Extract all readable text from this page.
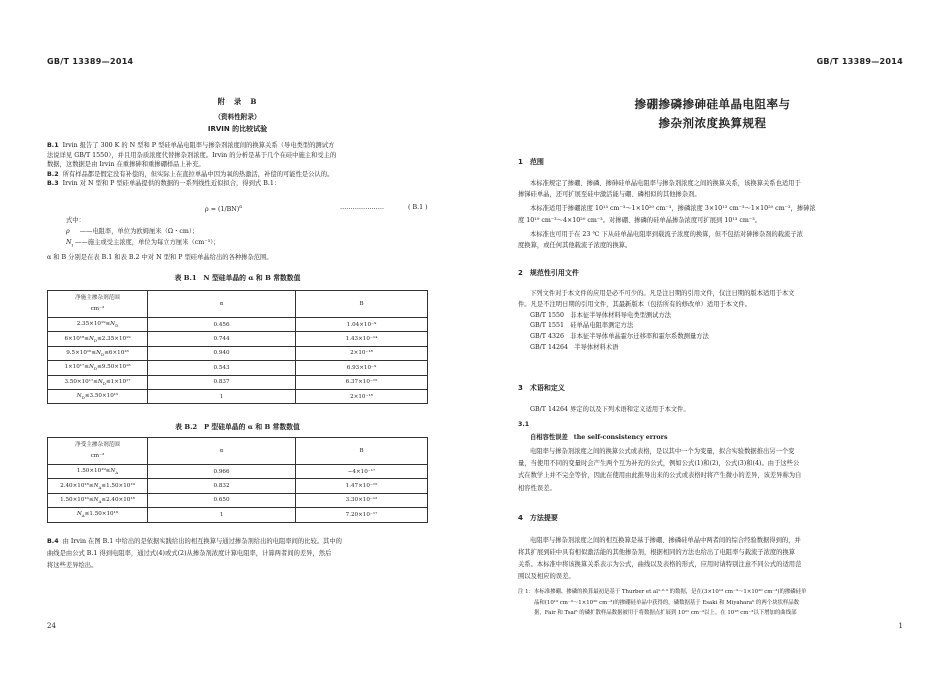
GB/T 13389—2014
附　录　B
（资料性附录）
IRVIN 的比较试验
B.1 Irvin 报告了 300 K 的 N 型和 P 型硅单晶电阻率与掺杂剂浓度间的换算关系（导电类型的测试方
法说详见 GB/T 1550），并且用杂质浓度代替掺杂剂浓度。Irvin 的分析是基于几个在硅中施主和受主的
数据，这数据是由 Irvin 在重掺砷和重掺硼样品上补充。
B.2 所有样品都是假定没有补偿的，但实际上在直拉单晶中因为氧的热激活，补偿的可能性是公认的。
B.3 Irvin 对 N 型和 P 型硅单晶提供的数据的一系列线性近似拟合，得到式 B.1：
$\rho = (1/BN)^\alpha$	…………………	( B.1 )
式中：
ρ ——电阻率，单位为欧姆厘米（Ω・cm）；
$N_I$ ——施主或受主浓度，单位为每立方厘米（cm⁻³）；
α 和 B 分别是在表 B.1 和表 B.2 中对 N 型和 P 型硅单晶给出的各种掺杂范围。
表 B.1　N 型硅单晶的 α 和 B 常数数值
净施主掺杂剂范围
cm⁻³	α	B
$2.35\times 10^{19}\le N_D$	0.456	1.04×10⁻⁹
$6\times 10^{18}\le N_D\le 2.35\times 10^{19}$	0.744	1.43×10⁻¹⁴
$9.5\times 10^{16}\le N_D\le 6\times 10^{18}$	0.940	2×10⁻¹⁸
$1\times 10^{17}\le N_D\le 9.50\times 10^{18}$	0.543	6.93×10⁻⁹
$3.50\times 10^{17}\le N_D\le 1\times 10^{17}$	0.837	6.37×10⁻¹⁵
$N_D\le 3.50\times 10^{15}$	1	2×10⁻¹⁸
表 B.2　P 型硅单晶的 α 和 B 常数数值
净受主掺杂剂范围
cm⁻³	α	B
$1.50\times 10^{19}\le N_A$	0.966	−4×10⁻¹⁷
$2.40\times 10^{18}\le N_A\le 1.50\times 10^{19}$	0.832	1.47×10⁻¹⁵
$1.50\times 10^{16}\le N_A\le 2.40\times 10^{18}$	0.650	3.30×10⁻¹²
$N_A\le 1.50\times 10^{16}$	1	7.20×10⁻¹⁷
B.4 由 Irvin 在图 B.1 中给出的是依据实践给出的相互换算与通过掺杂剂给出的电阻率间的比较。其中的
曲线是由公式 B.1 得到电阻率，通过式(4)或式(2)从掺杂剂浓度计算电阻率，计算两者间的差异，然后
将这些差异绘出。
24
GB/T 13389—2014
掺硼掺磷掺砷硅单晶电阻率与
掺杂剂浓度换算规程
1　范围
本标准规定了掺硼、掺磷、掺砷硅单晶电阻率与掺杂剂浓度之间的换算关系，该换算关系也适用于
掺锑硅单晶，还可扩展至硅中激活能与硼、磷相似的其他掺杂剂。
本标准适用于掺硼浓度 10¹³ cm⁻³～1×10²⁰ cm⁻³，掺磷浓度 3×10¹³ cm⁻³～1×10²⁰ cm⁻³，掺砷浓
度 10¹⁹ cm⁻³～4×10²⁰ cm⁻³。对掺硼、掺磷的硅单晶掺杂浓度可扩展到 10¹³ cm⁻³。
本标准也可用于在 23 ℃ 下从硅单晶电阻率到载流子浓度的换算，但不包括对砷掺杂剂的载流子浓
度换算，或任何其他载流子浓度的换算。
2　规范性引用文件
下列文件对于本文件的应用是必不可少的。凡是注日期的引用文件，仅注日期的版本适用于本文
件。凡是不注明日期的引用文件，其最新版本（包括所有的修改单）适用于本文件。
GB/T 1550　非本征半导体材料导电类型测试方法
GB/T 1551　硅单晶电阻率测定方法
GB/T 4326　非本征半导体单晶霍尔迁移率和霍尔系数测量方法
GB/T 14264　半导体材料术语
3　术语和定义
GB/T 14264 界定的以及下列术语和定义适用于本文件。
3.1
自相容性误差 the self-consistency errors
电阻率与掺杂剂浓度之间的换算公式或表格，是以其中一个为变量，拟合实验数据推出另一个变
量，当使用不同的变量时会产生两个互为补充的公式，例如公式(1)和(2)，公式(3)和(4)。由于这些公
式在数学上并不完全等价，因此在使用由此推导出来的公式或表格时将产生微小的差异，该差异称为自
相容性误差。
4　方法提要
电阻率与掺杂剂浓度之间的相互换算是基于掺硼、掺磷硅单晶中两者间的综合经验数据得到的，并
将其扩展到硅中具有相似激活能的其他掺杂剂，根据相同的方法也给出了电阻率与载流子浓度的换算
关系。本标准中将该换算关系表示为公式，曲线以及表格的形式，应用时请特别注意不同公式的适用范
围以及相应的误差。
注 1：本标准掺硼、掺磷的换算最初是基于 Thurber et al¹·²·³ 的数据，是在(3×10¹³ cm⁻³～1×10²⁰ cm⁻³)的掺磷硅单
晶和(10¹³ cm⁻³～1×10²⁰ cm⁻³)的掺硼硅单晶中获得的。磷数据基于 Esaki 和 Miyahara⁵ 的两个块状样品数
据，Fair 和 Tsai⁶ 的磷扩散样品数据被用于将数据点扩展到 10²¹ cm⁻³以上。在 10¹⁸ cm⁻³以下增加的曲线部
1
